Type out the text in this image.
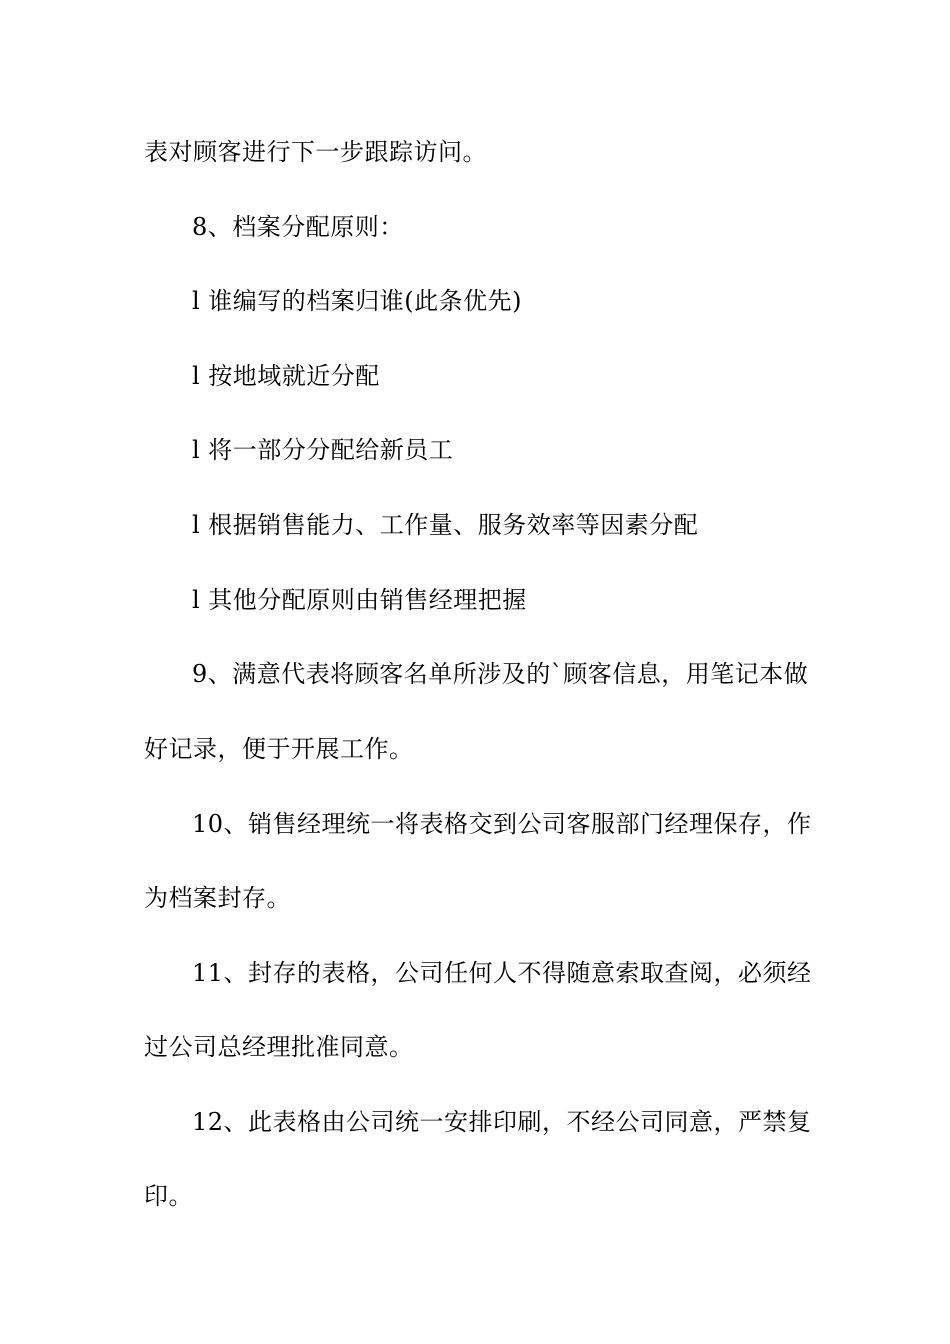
表对顾客进行下一步跟踪访问。
8、档案分配原则：
l 谁编写的档案归谁(此条优先)
l 按地域就近分配
l 将一部分分配给新员工
l 根据销售能力、工作量、服务效率等因素分配
l 其他分配原则由销售经理把握
9、满意代表将顾客名单所涉及的`顾客信息，用笔记本做
好记录，便于开展工作。
10、销售经理统一将表格交到公司客服部门经理保存，作
为档案封存。
11、封存的表格，公司任何人不得随意索取查阅，必须经
过公司总经理批准同意。
12、此表格由公司统一安排印刷，不经公司同意，严禁复
印。
